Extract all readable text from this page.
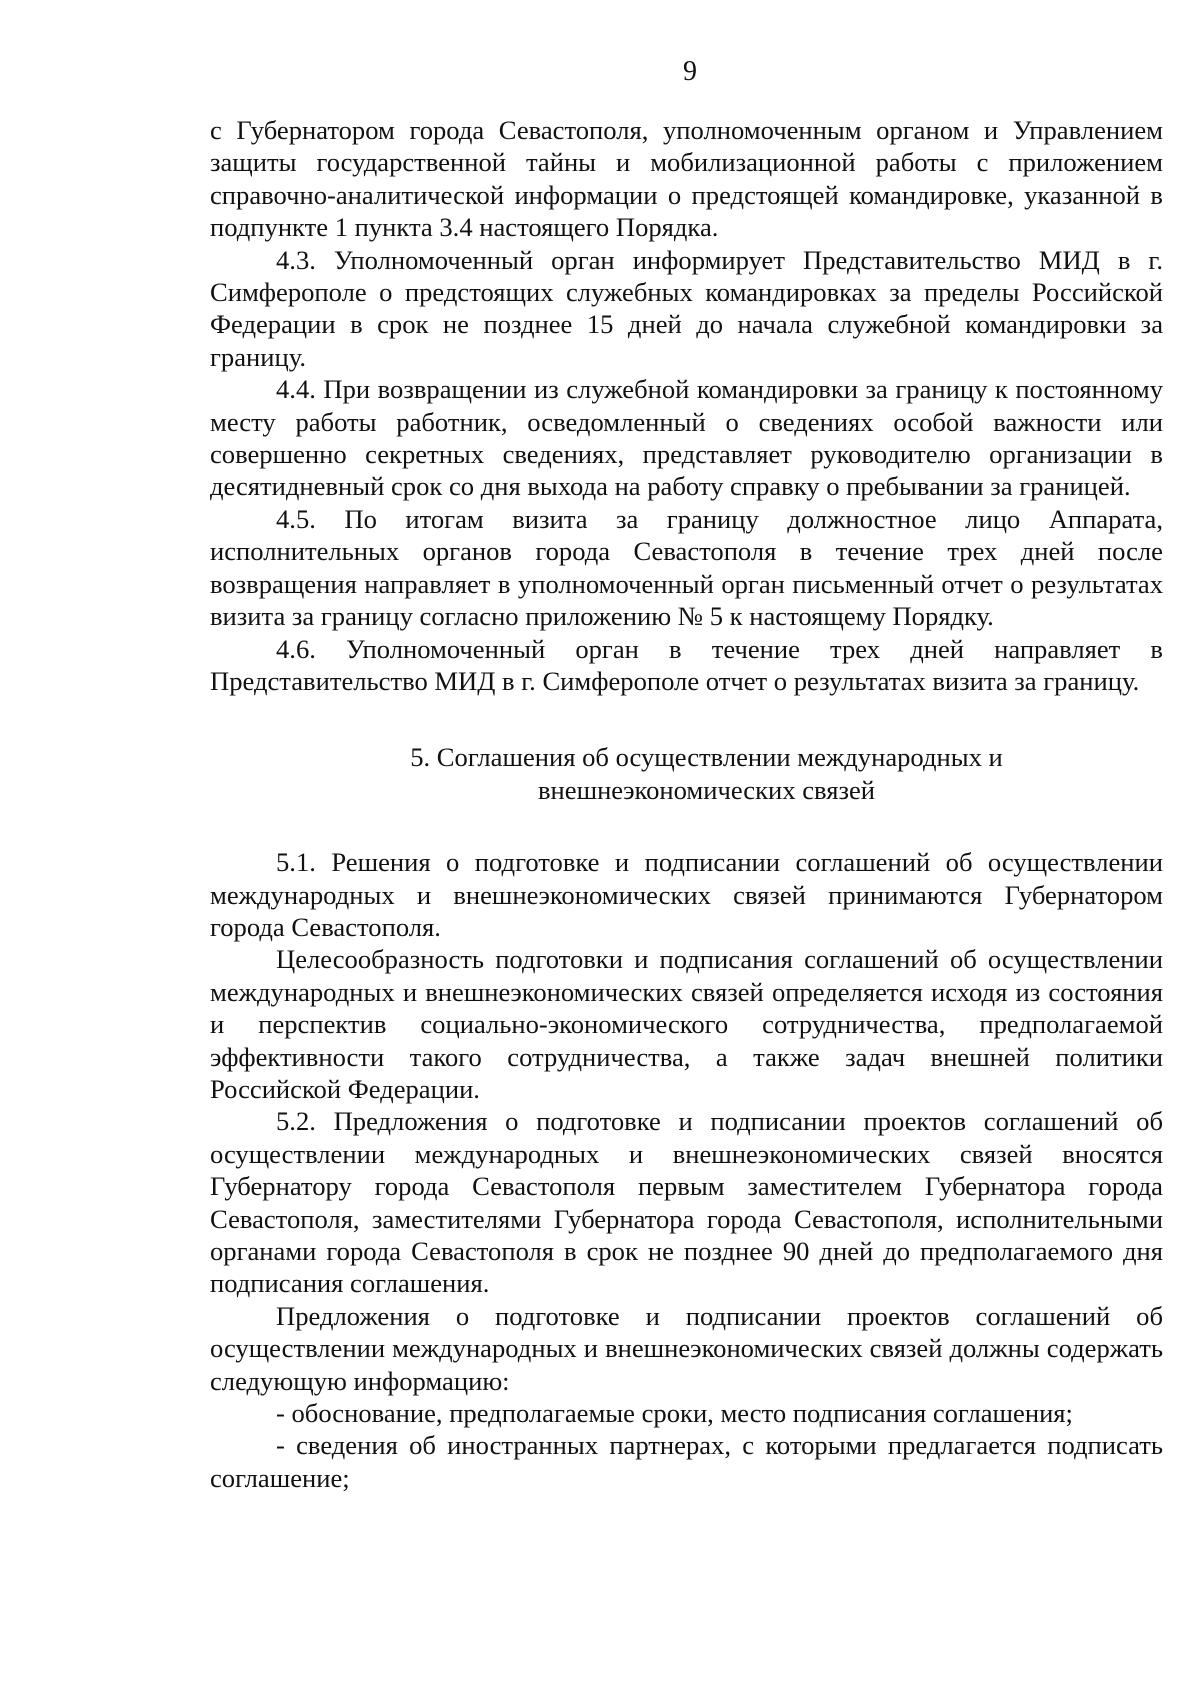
9

с Губернатором города Севастополя, уполномоченным органом и Управлением защиты государственной тайны и мобилизационной работы с приложением справочно-аналитической информации о предстоящей командировке, указанной в подпункте 1 пункта 3.4 настоящего Порядка.

4.3. Уполномоченный орган информирует Представительство МИД в г. Симферополе о предстоящих служебных командировках за пределы Российской Федерации в срок не позднее 15 дней до начала служебной командировки за границу.

4.4. При возвращении из служебной командировки за границу к постоянному месту работы работник, осведомленный о сведениях особой важности или совершенно секретных сведениях, представляет руководителю организации в десятидневный срок со дня выхода на работу справку о пребывании за границей.

4.5. По итогам визита за границу должностное лицо Аппарата, исполнительных органов города Севастополя в течение трех дней после возвращения направляет в уполномоченный орган письменный отчет о результатах визита за границу согласно приложению № 5 к настоящему Порядку.

4.6. Уполномоченный орган в течение трех дней направляет в Представительство МИД в г. Симферополе отчет о результатах визита за границу.

5. Соглашения об осуществлении международных и
внешнеэкономических связей

5.1. Решения о подготовке и подписании соглашений об осуществлении международных и внешнеэкономических связей принимаются Губернатором города Севастополя.

Целесообразность подготовки и подписания соглашений об осуществлении международных и внешнеэкономических связей определяется исходя из состояния и перспектив социально-экономического сотрудничества, предполагаемой эффективности такого сотрудничества, а также задач внешней политики Российской Федерации.

5.2. Предложения о подготовке и подписании проектов соглашений об осуществлении международных и внешнеэкономических связей вносятся Губернатору города Севастополя первым заместителем Губернатора города Севастополя, заместителями Губернатора города Севастополя, исполнительными органами города Севастополя в срок не позднее 90 дней до предполагаемого дня подписания соглашения.

Предложения о подготовке и подписании проектов соглашений об осуществлении международных и внешнеэкономических связей должны содержать следующую информацию:

- обоснование, предполагаемые сроки, место подписания соглашения;

- сведения об иностранных партнерах, с которыми предлагается подписать соглашение;
